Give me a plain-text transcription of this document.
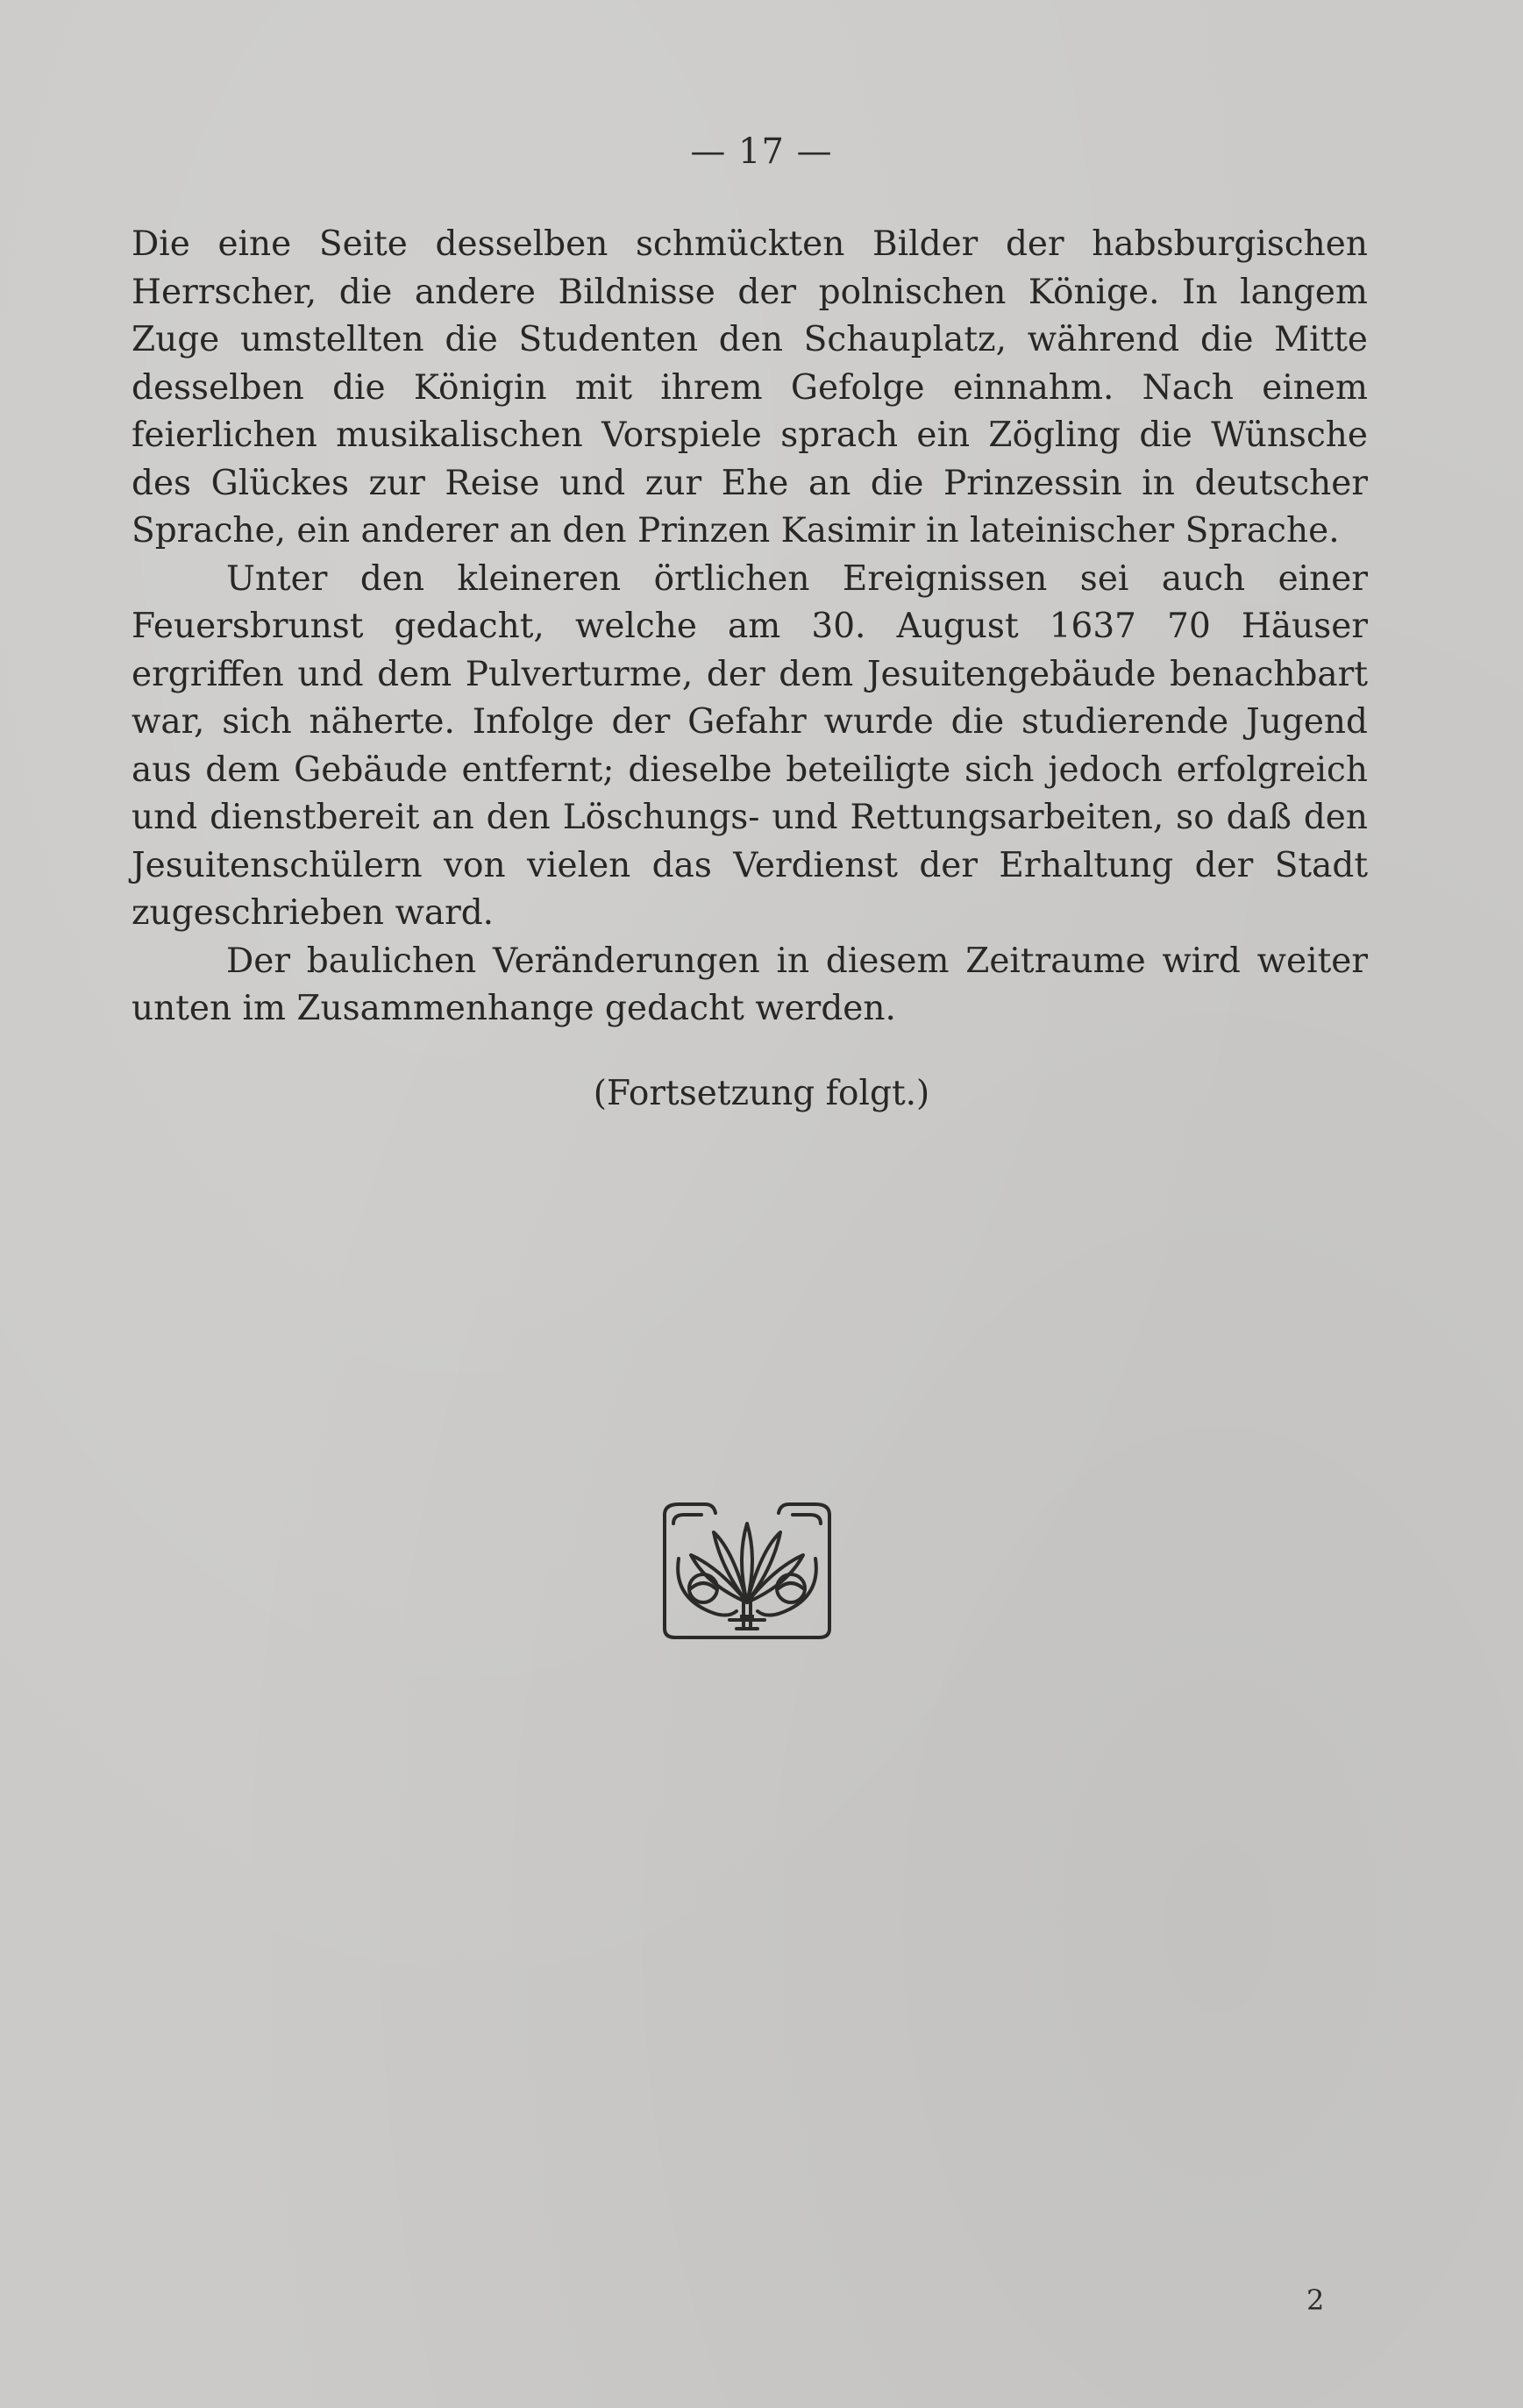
— 17 —

Die eine Seite desselben schmückten Bilder der habsburgischen Herrscher, die andere Bildnisse der polnischen Könige. In langem Zuge umstellten die Studenten den Schauplatz, während die Mitte desselben die Königin mit ihrem Gefolge einnahm. Nach einem feierlichen musikalischen Vorspiele sprach ein Zögling die Wünsche des Glückes zur Reise und zur Ehe an die Prinzessin in deutscher Sprache, ein anderer an den Prinzen Kasimir in lateinischer Sprache.

Unter den kleineren örtlichen Ereignissen sei auch einer Feuersbrunst gedacht, welche am 30. August 1637 70 Häuser ergriffen und dem Pulverturme, der dem Jesuitengebäude benachbart war, sich näherte. Infolge der Gefahr wurde die studierende Jugend aus dem Gebäude entfernt; dieselbe beteiligte sich jedoch erfolgreich und dienstbereit an den Löschungs- und Rettungsarbeiten, so daß den Jesuitenschülern von vielen das Verdienst der Erhaltung der Stadt zugeschrieben ward.

Der baulichen Veränderungen in diesem Zeitraume wird weiter unten im Zusammenhange gedacht werden.

(Fortsetzung folgt.)
2
